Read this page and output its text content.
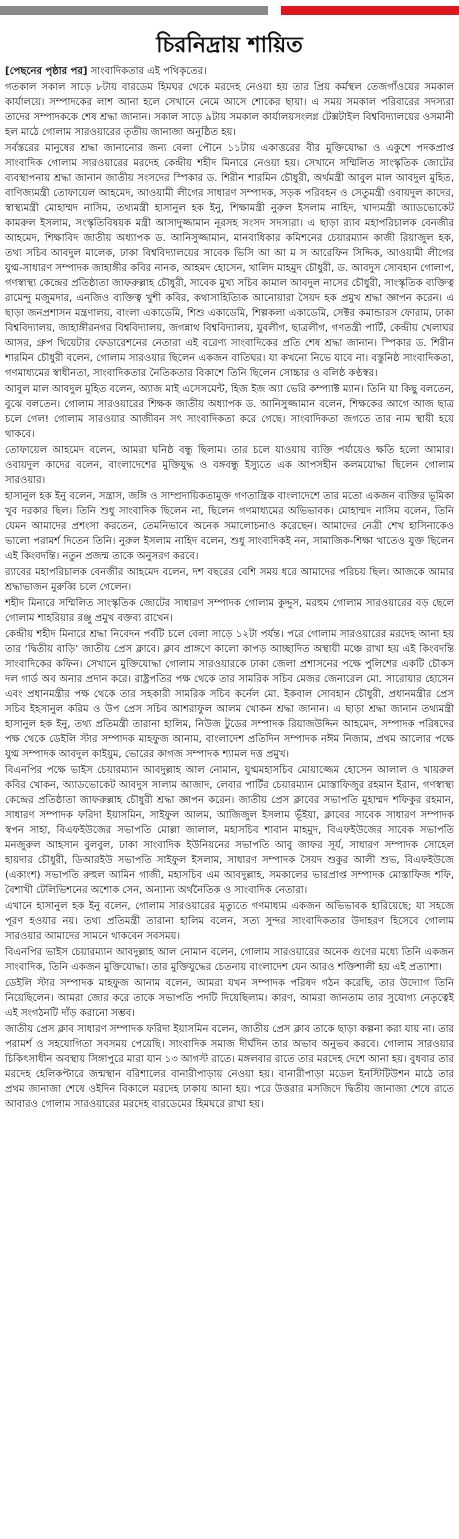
চিরনিদ্রায় শায়িত

[পেছনের পৃষ্ঠার পর] সাংবাদিকতার এই পথিকৃতের।

গতকাল সকাল সাড়ে ৮টায় বারডেম হিমঘর থেকে মরদেহ নেওয়া হয় তার প্রিয় কর্মস্থল তেজগাঁওয়ের সমকাল কার্যালয়ে। সম্পাদকের লাশ আনা হলে সেখানে নেমে আসে শোকের ছায়া। এ সময় সমকাল পরিবারের সদস্যরা তাদের সম্পাদককে শেষ শ্রদ্ধা জানান। সকাল সাড়ে ৯টায় সমকাল কার্যালয়সংলগ্ন টেক্সটাইল বিশ্ববিদ্যালয়ের ওসমানী হল মাঠে গোলাম সারওয়ারের তৃতীয় জানাজা অনুষ্ঠিত হয়।

সর্বস্তরের মানুষের শ্রদ্ধা জানানোর জন্য বেলা পৌনে ১১টায় একাত্তরের বীর মুক্তিযোদ্ধা ও একুশে পদকপ্রাপ্ত সাংবাদিক গোলাম সারওয়ারের মরদেহ কেন্দ্রীয় শহীদ মিনারে নেওয়া হয়। সেখানে সম্মিলিত সাংস্কৃতিক জোটের ব্যবস্থাপনায় শ্রদ্ধা জানান জাতীয় সংসদের স্পিকার ড. শিরীন শারমিন চৌধুরী, অর্থমন্ত্রী আবুল মাল আবদুল মুহিত, বাণিজ্যমন্ত্রী তোফায়েল আহমেদ, আওয়ামী লীগের সাধারণ সম্পাদক, সড়ক পরিবহন ও সেতুমন্ত্রী ওবায়দুল কাদের, স্বাস্থ্যমন্ত্রী মোহাম্মদ নাসিম, তথ্যমন্ত্রী হাসানুল হক ইনু, শিক্ষামন্ত্রী নুরুল ইসলাম নাহিদ, খাদ্যমন্ত্রী অ্যাডভোকেট কামরুল ইসলাম, সংস্কৃতিবিষয়ক মন্ত্রী আসাদুজ্জামান নূরসহ সংসদ সদস্যরা। এ ছাড়া র‌্যাব মহাপরিচালক বেনজীর আহমেদ, শিক্ষাবিদ জাতীয় অধ্যাপক ড. আনিসুজ্জামান, মানবাধিকার কমিশনের চেয়ারম্যান কাজী রিয়াজুল হক, তথ্য সচিব আবদুল মালেক, ঢাকা বিশ্ববিদ্যালয়ের সাবেক ভিসি আ আ ম স আরেফিন সিদ্দিক, আওয়ামী লীগের যুগ্ম-সাধারণ সম্পাদক জাহাঙ্গীর কবির নানক, আহমদ হোসেন, খালিদ মাহমুদ চৌধুরী, ড. আবদুস সোবহান গোলাপ, গণস্বাস্থ্য কেন্দ্রের প্রতিষ্ঠাতা জাফরুল্লাহ চৌধুরী, সাবেক মুখ্য সচিব কামাল আবদুল নাসের চৌধুরী, সাংস্কৃতিক ব্যক্তিত্ব রামেন্দু মজুমদার, এনজিও ব্যক্তিত্ব খুশী কবির, কথাসাহিত্যিক আনোয়ারা সৈয়দ হক প্রমুখ শ্রদ্ধা জ্ঞাপন করেন। এ ছাড়া জনপ্রশাসন মন্ত্রণালয়, বাংলা একাডেমি, শিশু একাডেমি, শিল্পকলা একাডেমি, সেক্টর কমান্ডারস ফোরাম, ঢাকা বিশ্ববিদ্যালয়, জাহাঙ্গীরনগর বিশ্ববিদ্যালয়, জগন্নাথ বিশ্ববিদ্যালয়, যুবলীগ, ছাত্রলীগ, গণতন্ত্রী পার্টি, কেন্দ্রীয় খেলাঘর আসর, গ্রুপ থিয়েটার ফেডারেশনের নেতারা এই বরেণ্য সাংবাদিকের প্রতি শেষ শ্রদ্ধা জানান। স্পিকার ড. শিরীন শারমিন চৌধুরী বলেন, গোলাম সারওয়ার ছিলেন একজন বাতিঘর। যা কখনো নিভে যাবে না। বস্তুনিষ্ঠ সাংবাদিকতা, গণমাধ্যমের স্বাধীনতা, সাংবাদিকতার নৈতিকতার বিকাশে তিনি ছিলেন সোচ্চার ও বলিষ্ঠ কণ্ঠস্বর।

আবুল মাল আবদুল মুহিত বলেন, অ্যাজ মাই এসেসমেন্ট, হিজ ইজ অ্যা ভেরি কম্প্যাক্ট ম্যান। তিনি যা কিছু বলতেন, বুঝে বলতেন। গোলাম সারওয়ারের শিক্ষক জাতীয় অধ্যাপক ড. আনিসুজ্জামান বলেন, শিক্ষকের আগে আজ ছাত্র চলে গেল! গোলাম সারওয়ার আজীবন সৎ সাংবাদিকতা করে গেছে। সাংবাদিকতা জগতে তার নাম স্থায়ী হয়ে থাকবে।

তোফায়েল আহমেদ বলেন, আমরা ঘনিষ্ঠ বন্ধু ছিলাম। তার চলে যাওয়ায় ব্যক্তি পর্যায়েও ক্ষতি হলো আমার। ওবায়দুল কাদের বলেন, বাংলাদেশের মুক্তিযুদ্ধ ও বঙ্গবন্ধু ইস্যুতে এক আপসহীন কলমযোদ্ধা ছিলেন গোলাম সারওয়ার।

হাসানুল হক ইনু বলেন, সন্ত্রাস, জঙ্গি ও সাম্প্রদায়িকতামুক্ত গণতান্ত্রিক বাংলাদেশে তার মতো একজন ব্যক্তির ভূমিকা খুব দরকার ছিল। তিনি শুধু সাংবাদিক ছিলেন না, ছিলেন গণমাধ্যমের অভিভাবক। মোহাম্মদ নাসিম বলেন, তিনি যেমন আমাদের প্রশংসা করতেন, তেমনিভাবে অনেক সমালোচনাও করেছেন। আমাদের নেত্রী শেখ হাসিনাকেও ভালো পরামর্শ দিতেন তিনি। নুরুল ইসলাম নাহিদ বলেন, শুধু সাংবাদিকই নন, সামাজিক-শিক্ষা খাতেও যুক্ত ছিলেন এই কিংবদন্তি। নতুন প্রজন্ম তাকে অনুসরণ করবে।

র‌্যাবের মহাপরিচালক বেনজীর আহমেদ বলেন, দশ বছরের বেশি সময় ধরে আমাদের পরিচয় ছিল। আজকে আমার শ্রদ্ধাভাজন মুরুব্বি চলে গেলেন।

শহীদ মিনারে সম্মিলিত সাংস্কৃতিক জোটের সাধারণ সম্পাদক গোলাম কুদ্দুস, মরহুম গোলাম সারওয়ারের বড় ছেলে গোলাম শাহরিয়ার রঞ্জু প্রমুখ বক্তব্য রাখেন।

কেন্দ্রীয় শহীদ মিনারে শ্রদ্ধা নিবেদন পর্বটি চলে বেলা সাড়ে ১২টা পর্যন্ত। পরে গোলাম সারওয়ারের মরদেহ আনা হয় তার ‘দ্বিতীয় বাড়ি’ জাতীয় প্রেস ক্লাবে। ক্লাব প্রাঙ্গণে কালো কাপড় আচ্ছাদিত অস্থায়ী মঞ্চে রাখা হয় এই কিংবদন্তি সাংবাদিকের কফিন। সেখানে মুক্তিযোদ্ধা গোলাম সারওয়ারকে ঢাকা জেলা প্রশাসনের পক্ষে পুলিশের একটি চৌকস দল গার্ড অব অনার প্রদান করে। রাষ্ট্রপতির পক্ষ থেকে তার সামরিক সচিব মেজর জেনারেল মো. সারোয়ার হোসেন এবং প্রধানমন্ত্রীর পক্ষ থেকে তার সহকারী সামরিক সচিব কর্নেল মো. ইকবাল সোবহান চৌধুরী, প্রধানমন্ত্রীর প্রেস সচিব ইহসানুল করিম ও উপ প্রেস সচিব আশরাফুল আলম খোকন শ্রদ্ধা জানান। এ ছাড়া শ্রদ্ধা জানান তথ্যমন্ত্রী হাসানুল হক ইনু, তথ্য প্রতিমন্ত্রী তারানা হালিম, নিউজ টুডের সম্পাদক রিয়াজউদ্দিন আহমেদ, সম্পাদক পরিষদের পক্ষ থেকে ডেইলি স্টার সম্পাদক মাহফুজ আনাম, বাংলাদেশ প্রতিদিন সম্পাদক নঈম নিজাম, প্রথম আলোর পক্ষে যুগ্ম সম্পাদক আবদুল কাইয়ুম, ভোরের কাগজ সম্পাদক শ্যামল দত্ত প্রমুখ।

বিএনপির পক্ষে ভাইস চেয়ারম্যান আবদুল্লাহ আল নোমান, যুগ্মমহাসচিব মোয়াজ্জেম হোসেন আলাল ও খায়রুল কবির খোকন, অ্যাডভোকেট আবদুস সালাম আজাদ, লেবার পার্টির চেয়ারম্যান মোস্তাফিজুর রহমান ইরান, গণস্বাস্থ্য কেন্দ্রের প্রতিষ্ঠাতা জাফরুল্লাহ চৌধুরী শ্রদ্ধা জ্ঞাপন করেন। জাতীয় প্রেস ক্লাবের সভাপতি মুহাম্মদ শফিকুর রহমান, সাধারণ সম্পাদক ফরিদা ইয়াসমিন, সাইফুল আলম, আজিজুল ইসলাম ভূঁইয়া, ক্লাবের সাবেক সাধারণ সম্পাদক স্বপন সাহা, বিএফইউজের সভাপতি মোল্লা জালাল, মহাসচিব শাবান মাহমুদ, বিএফইউজের সাবেক সভাপতি মনজুরুল আহসান বুলবুল, ঢাকা সাংবাদিক ইউনিয়নের সভাপতি আবু জাফর সূর্য, সাধারণ সম্পাদক সোহেল হায়দার চৌধুরী, ডিআরইউ সভাপতি সাইফুল ইসলাম, সাধারণ সম্পাদক সৈয়দ শুকুর আলী শুভ, বিএফইউজে (একাংশ) সভাপতি রুহুল আমিন গাজী, মহাসচিব এম আবদুল্লাহ, সমকালের ভারপ্রাপ্ত সম্পাদক মোস্তাফিজ শফি, বৈশাখী টেলিভিশনের অশোক সেন, অন্যান্য অর্থনৈতিক ও সাংবাদিক নেতারা।

এখানে হাসানুল হক ইনু বলেন, গোলাম সারওয়ারের মৃত্যুতে গণমাধ্যম একজন অভিভাবক হারিয়েছে; যা সহজে পূরণ হওয়ার নয়। তথ্য প্রতিমন্ত্রী তারানা হালিম বলেন, সত্য সুন্দর সাংবাদিকতার উদাহরণ হিসেবে গোলাম সারওয়ার আমাদের সামনে থাকবেন সবসময়।

বিএনপির ভাইস চেয়ারম্যান আবদুল্লাহ আল নোমান বলেন, গোলাম সারওয়ারের অনেক গুণের মধ্যে তিনি একজন সাংবাদিক, তিনি একজন মুক্তিযোদ্ধা। তার মুক্তিযুদ্ধের চেতনায় বাংলাদেশ যেন আরও শক্তিশালী হয় এই প্রত্যাশা।

ডেইলি স্টার সম্পাদক মাহফুজ আনাম বলেন, আমরা যখন সম্পাদক পরিষদ গঠন করেছি, তার উদ্যোগ তিনি নিয়েছিলেন। আমরা জোর করে তাকে সভাপতি পদটি দিয়েছিলাম। কারণ, আমরা জানতাম তার সুযোগ্য নেতৃত্বেই এই সংগঠনটি দাঁড় করানো সম্ভব।

জাতীয় প্রেস ক্লাব সাধারণ সম্পাদক ফরিদা ইয়াসমিন বলেন, জাতীয় প্রেস ক্লাব তাকে ছাড়া কল্পনা করা যায় না। তার পরামর্শ ও সহযোগিতা সবসময় পেয়েছি। সাংবাদিক সমাজ দীর্ঘদিন তার অভাব অনুভব করবে। গোলাম সারওয়ার চিকিৎসাধীন অবস্থায় সিঙ্গাপুরে মারা যান ১৩ আগস্ট রাতে। মঙ্গলবার রাতে তার মরদেহ দেশে আনা হয়। বুধবার তার মরদেহ হেলিকপ্টারে জন্মস্থান বরিশালের বানারীপাড়ায় নেওয়া হয়। বানারীপাড়া মডেল ইনস্টিটিউশন মাঠে তার প্রথম জানাজা শেষে ওইদিন বিকালে মরদেহ ঢাকায় আনা হয়। পরে উত্তরার মসজিদে দ্বিতীয় জানাজা শেষে রাতে আবারও গোলাম সারওয়ারের মরদেহ বারডেমের হিমঘরে রাখা হয়।
